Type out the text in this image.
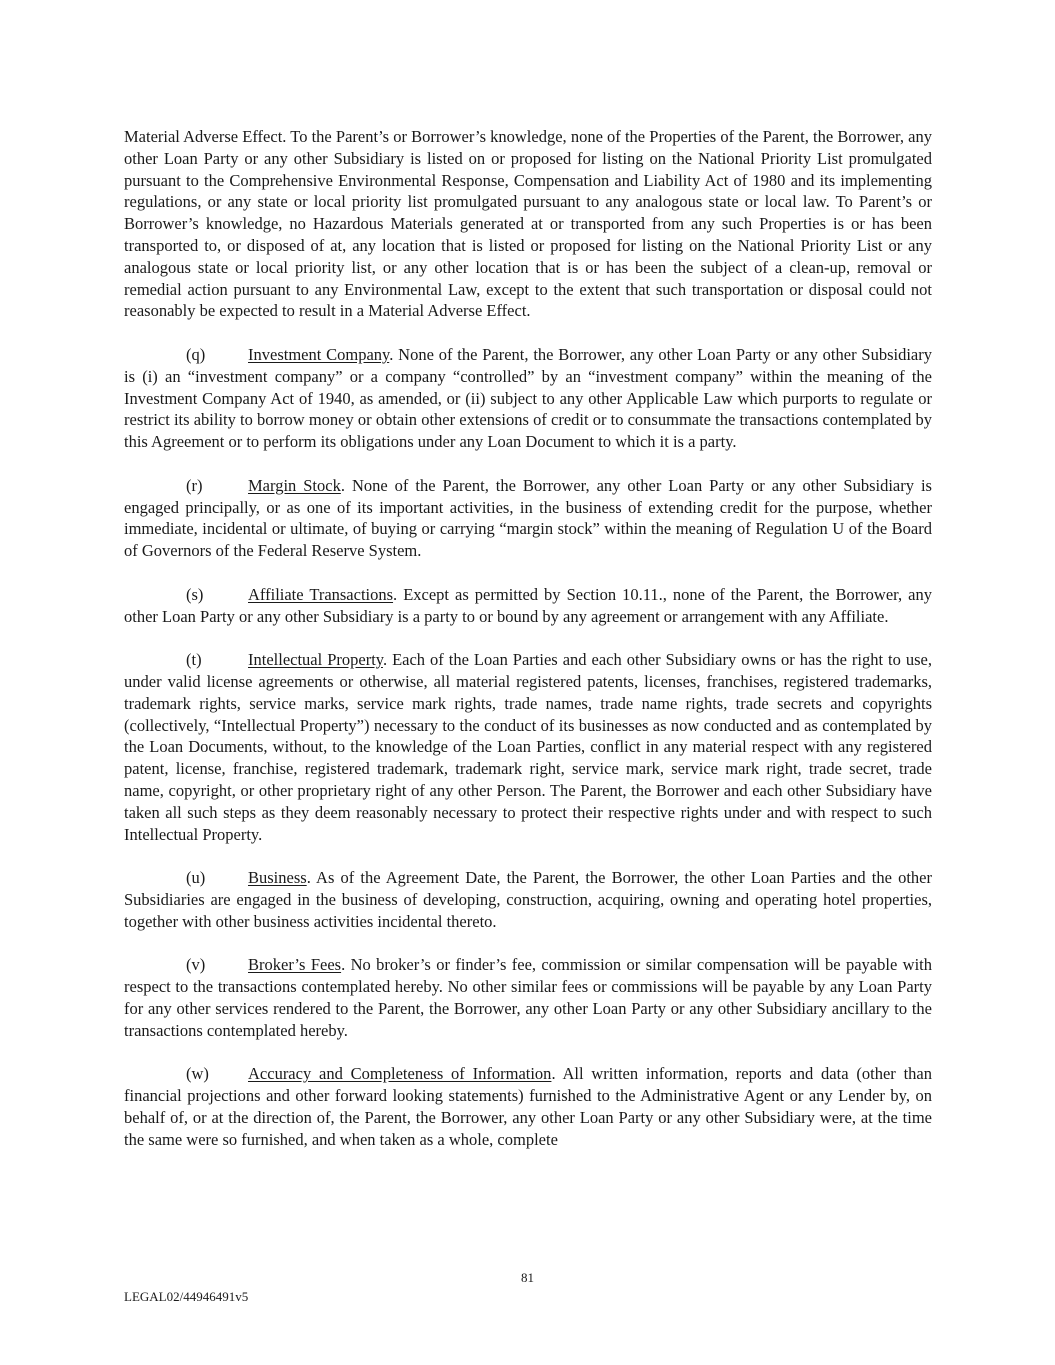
Material Adverse Effect. To the Parent’s or Borrower’s knowledge, none of the Properties of the Parent, the Borrower, any other Loan Party or any other Subsidiary is listed on or proposed for listing on the National Priority List promulgated pursuant to the Comprehensive Environmental Response, Compensation and Liability Act of 1980 and its implementing regulations, or any state or local priority list promulgated pursuant to any analogous state or local law. To Parent’s or Borrower’s knowledge, no Hazardous Materials generated at or transported from any such Properties is or has been transported to, or disposed of at, any location that is listed or proposed for listing on the National Priority List or any analogous state or local priority list, or any other location that is or has been the subject of a clean-up, removal or remedial action pursuant to any Environmental Law, except to the extent that such transportation or disposal could not reasonably be expected to result in a Material Adverse Effect.

(q)	Investment Company. None of the Parent, the Borrower, any other Loan Party or any other Subsidiary is (i) an “investment company” or a company “controlled” by an “investment company” within the meaning of the Investment Company Act of 1940, as amended, or (ii) subject to any other Applicable Law which purports to regulate or restrict its ability to borrow money or obtain other extensions of credit or to consummate the transactions contemplated by this Agreement or to perform its obligations under any Loan Document to which it is a party.

(r)	Margin Stock. None of the Parent, the Borrower, any other Loan Party or any other Subsidiary is engaged principally, or as one of its important activities, in the business of extending credit for the purpose, whether immediate, incidental or ultimate, of buying or carrying “margin stock” within the meaning of Regulation U of the Board of Governors of the Federal Reserve System.

(s)	Affiliate Transactions. Except as permitted by Section 10.11., none of the Parent, the Borrower, any other Loan Party or any other Subsidiary is a party to or bound by any agreement or arrangement with any Affiliate.

(t)	Intellectual Property. Each of the Loan Parties and each other Subsidiary owns or has the right to use, under valid license agreements or otherwise, all material registered patents, licenses, franchises, registered trademarks, trademark rights, service marks, service mark rights, trade names, trade name rights, trade secrets and copyrights (collectively, “Intellectual Property”) necessary to the conduct of its businesses as now conducted and as contemplated by the Loan Documents, without, to the knowledge of the Loan Parties, conflict in any material respect with any registered patent, license, franchise, registered trademark, trademark right, service mark, service mark right, trade secret, trade name, copyright, or other proprietary right of any other Person. The Parent, the Borrower and each other Subsidiary have taken all such steps as they deem reasonably necessary to protect their respective rights under and with respect to such Intellectual Property.

(u)	Business. As of the Agreement Date, the Parent, the Borrower, the other Loan Parties and the other Subsidiaries are engaged in the business of developing, construction, acquiring, owning and operating hotel properties, together with other business activities incidental thereto.

(v)	Broker’s Fees. No broker’s or finder’s fee, commission or similar compensation will be payable with respect to the transactions contemplated hereby. No other similar fees or commissions will be payable by any Loan Party for any other services rendered to the Parent, the Borrower, any other Loan Party or any other Subsidiary ancillary to the transactions contemplated hereby.

(w) Accuracy and Completeness of Information. All written information, reports and data (other than financial projections and other forward looking statements) furnished to the Administrative Agent or any Lender by, on behalf of, or at the direction of, the Parent, the Borrower, any other Loan Party or any other Subsidiary were, at the time the same were so furnished, and when taken as a whole, complete

81
LEGAL02/44946491v5
